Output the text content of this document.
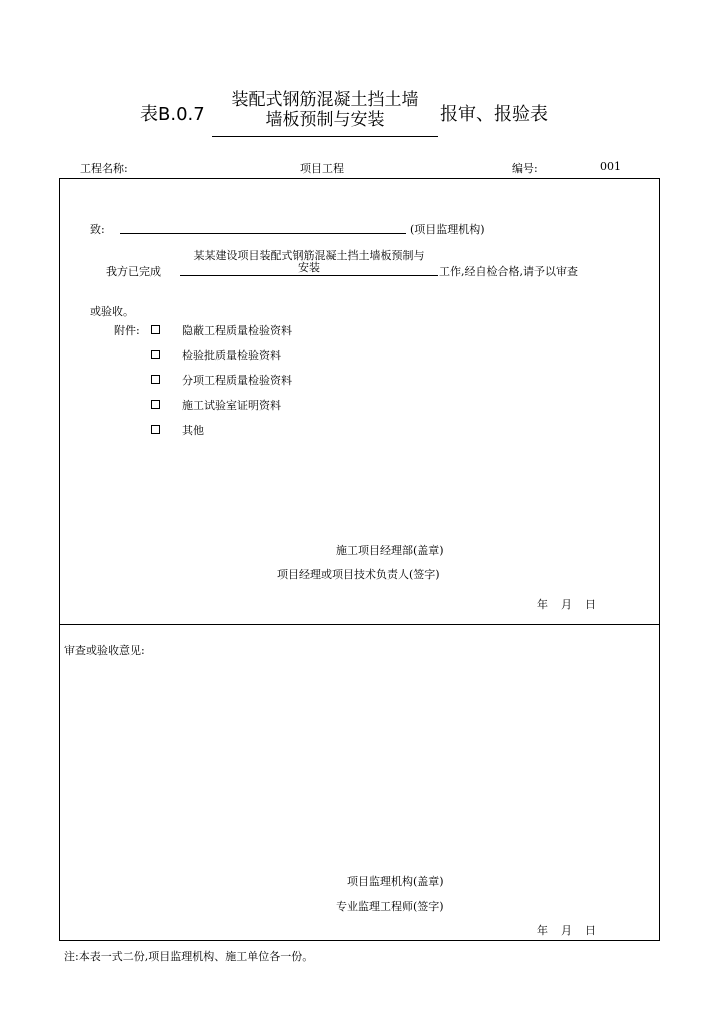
表B.0.7
装配式钢筋混凝土挡土墙
墙板预制与安装	报审、报验表
工程名称:	项目工程	编号:	001
致:	(项目监理机构)
我方已完成
某某建设项目装配式钢筋混凝土挡土墙板预制与
安装	工作,经自检合格,请予以审查
或验收。
附件:	隐蔽工程质量检验资料
检验批质量检验资料
分项工程质量检验资料
施工试验室证明资料
其他
施工项目经理部(盖章)
项目经理或项目技术负责人(签字)
年 月 日
审查或验收意见:
项目监理机构(盖章)
专业监理工程师(签字)
年 月 日
注:本表一式二份,项目监理机构、施工单位各一份。
